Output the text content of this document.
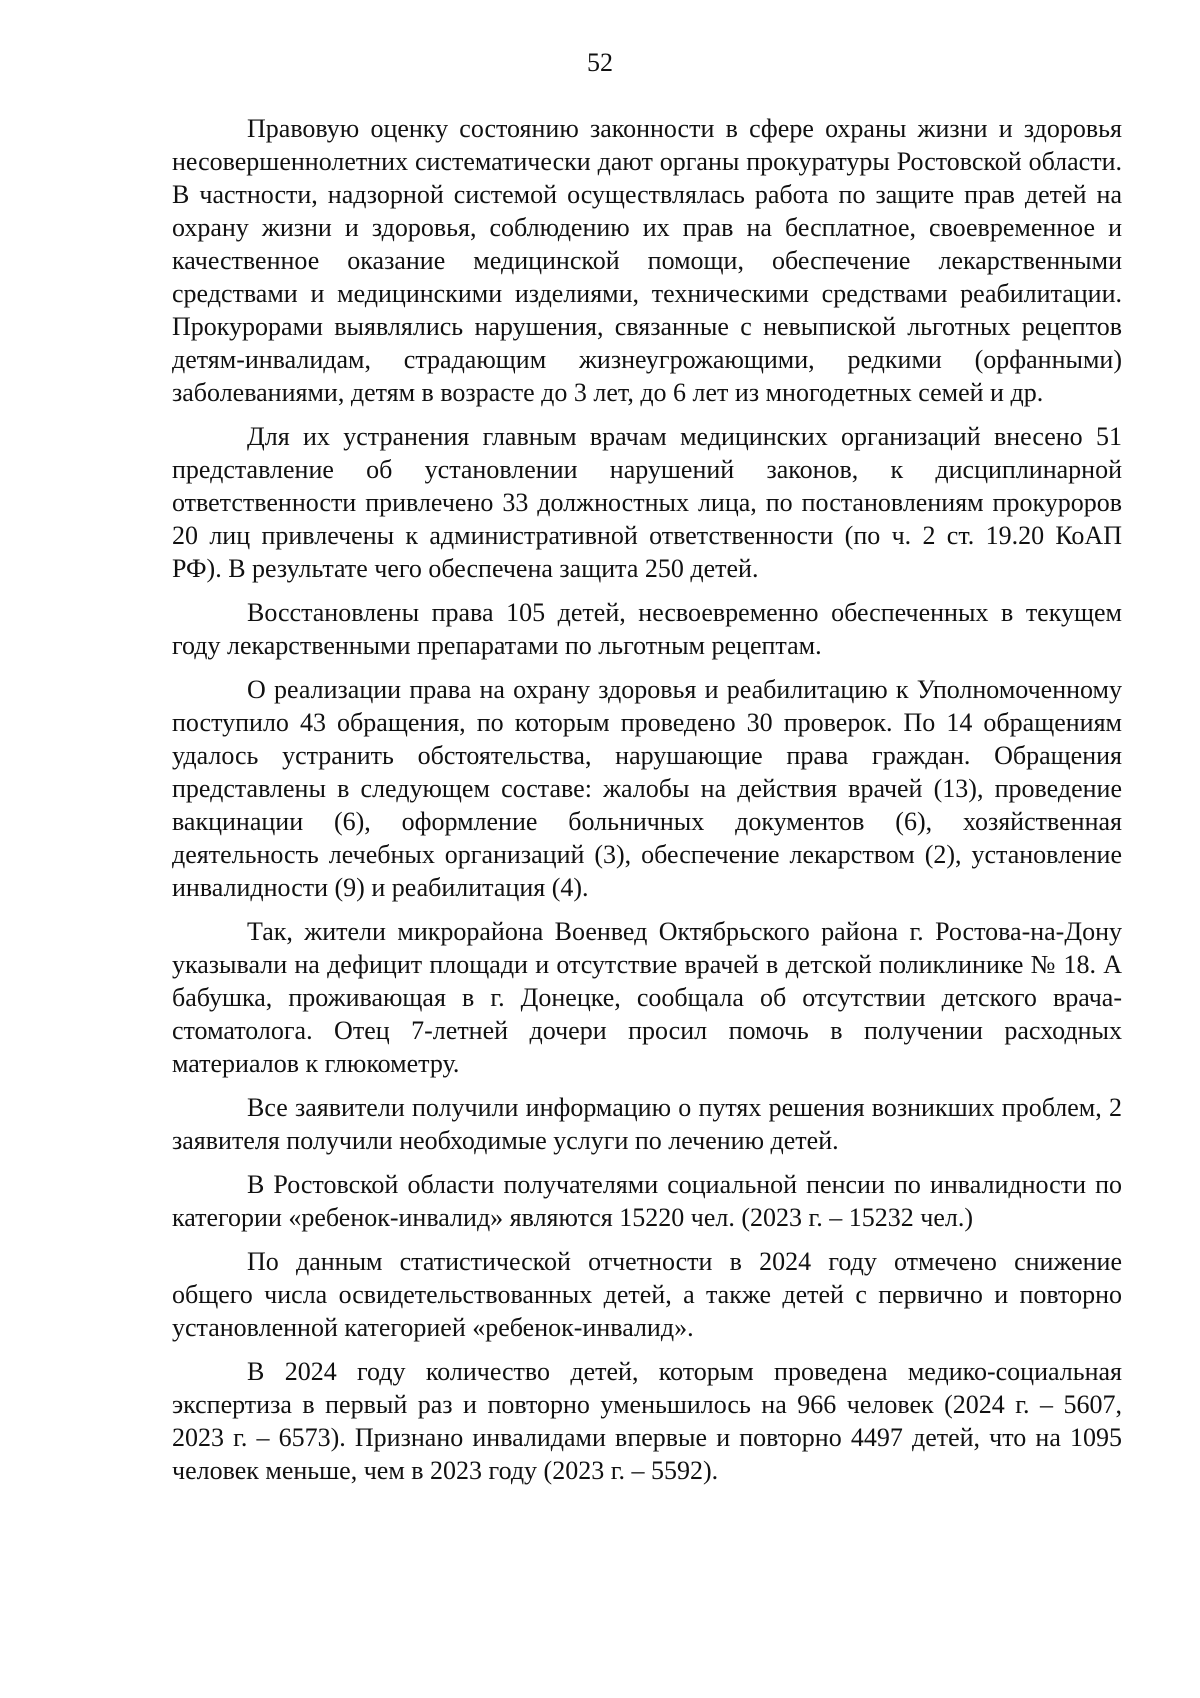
52

Правовую оценку состоянию законности в сфере охраны жизни и здоровья несовершеннолетних систематически дают органы прокуратуры Ростовской области. В частности, надзорной системой осуществлялась работа по защите прав детей на охрану жизни и здоровья, соблюдению их прав на бесплатное, своевременное и качественное оказание медицинской помощи, обеспечение лекарственными средствами и медицинскими изделиями, техническими средствами реабилитации. Прокурорами выявлялись нарушения, связанные с невыпиской льготных рецептов детям-инвалидам, страдающим жизнеугрожающими, редкими (орфанными) заболеваниями, детям в возрасте до 3 лет, до 6 лет из многодетных семей и др.

Для их устранения главным врачам медицинских организаций внесено 51 представление об установлении нарушений законов, к дисциплинарной ответственности привлечено 33 должностных лица, по постановлениям прокуроров 20 лиц привлечены к административной ответственности (по ч. 2 ст. 19.20 КоАП РФ). В результате чего обеспечена защита 250 детей.

Восстановлены права 105 детей, несвоевременно обеспеченных в текущем году лекарственными препаратами по льготным рецептам.

О реализации права на охрану здоровья и реабилитацию к Уполномоченному поступило 43 обращения, по которым проведено 30 проверок. По 14 обращениям удалось устранить обстоятельства, нарушающие права граждан. Обращения представлены в следующем составе: жалобы на действия врачей (13), проведение вакцинации (6), оформление больничных документов (6), хозяйственная деятельность лечебных организаций (3), обеспечение лекарством (2), установление инвалидности (9) и реабилитация (4).

Так, жители микрорайона Военвед Октябрьского района г. Ростова-на-Дону указывали на дефицит площади и отсутствие врачей в детской поликлинике № 18. А бабушка, проживающая в г. Донецке, сообщала об отсутствии детского врача-стоматолога. Отец 7-летней дочери просил помочь в получении расходных материалов к глюкометру.

Все заявители получили информацию о путях решения возникших проблем, 2 заявителя получили необходимые услуги по лечению детей.

В Ростовской области получателями социальной пенсии по инвалидности по категории «ребенок-инвалид» являются 15220 чел. (2023 г. – 15232 чел.)

По данным статистической отчетности в 2024 году отмечено снижение общего числа освидетельствованных детей, а также детей с первично и повторно установленной категорией «ребенок-инвалид».

В 2024 году количество детей, которым проведена медико-социальная экспертиза в первый раз и повторно уменьшилось на 966 человек (2024 г. – 5607, 2023 г. – 6573). Признано инвалидами впервые и повторно 4497 детей, что на 1095 человек меньше, чем в 2023 году (2023 г. – 5592).
